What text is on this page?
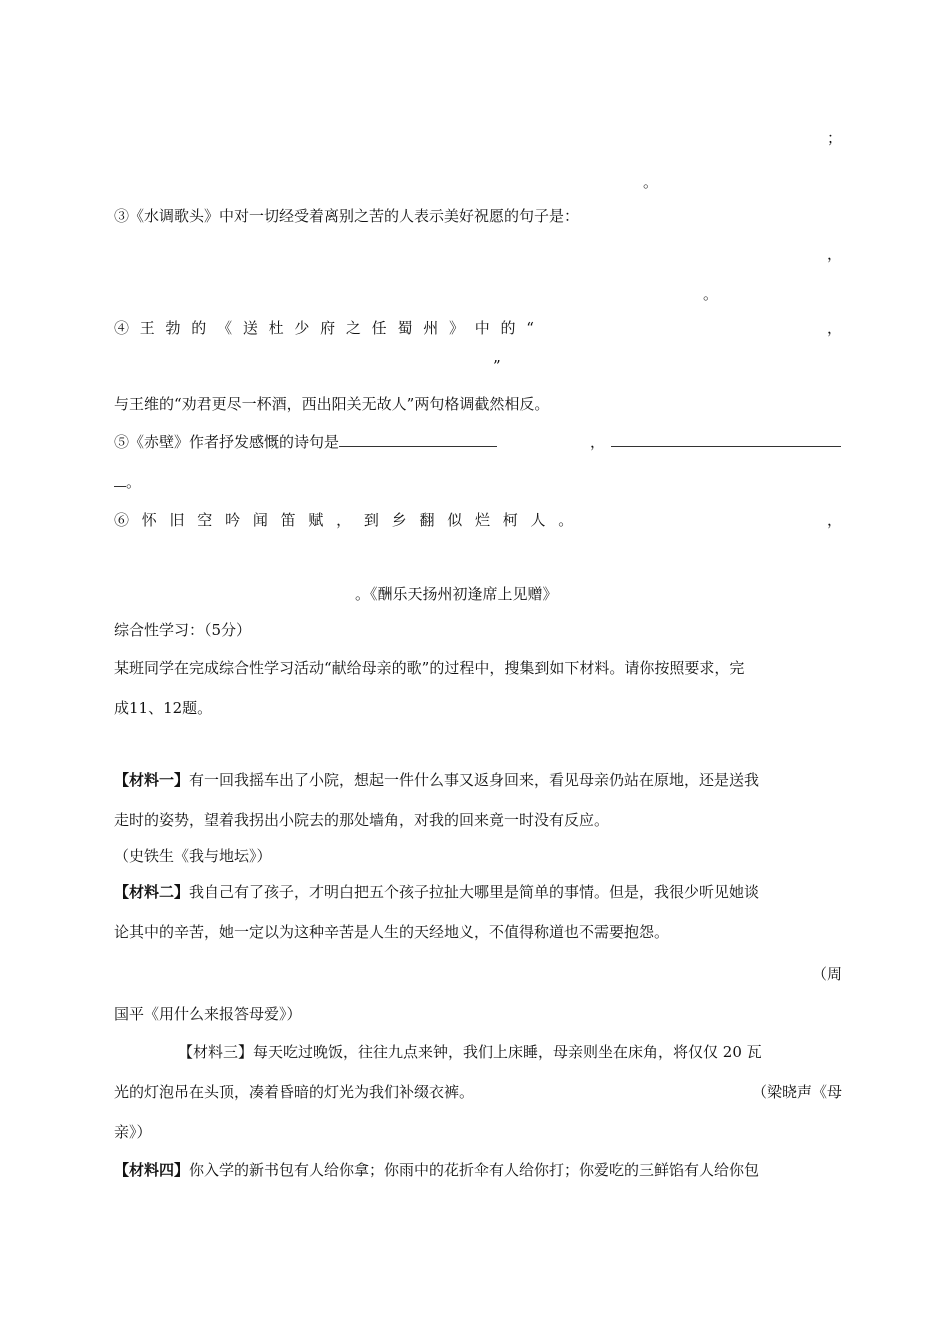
；
。
③《水调歌头》中对一切经受着离别之苦的人表示美好祝愿的句子是：
，
。
④ 王 勃 的 《 送 杜 少 府 之 任 蜀 州 》 中 的 “	，
”
与王维的“劝君更尽一杯酒，西出阳关无故人”两句格调截然相反。
⑤《赤壁》作者抒发感慨的诗句是	，
。
⑥ 怀 旧 空 吟 闻 笛 赋 ， 到 乡 翻 似 烂 柯 人 。	，
。《酬乐天扬州初逢席上见赠》
综合性学习：（5分）
某班同学在完成综合性学习活动“献给母亲的歌”的过程中，搜集到如下材料。请你按照要求，完
成11、12题。
【材料一】有一回我摇车出了小院，想起一件什么事又返身回来，看见母亲仍站在原地，还是送我
走时的姿势，望着我拐出小院去的那处墙角，对我的回来竟一时没有反应。
（史铁生《我与地坛》）
【材料二】我自己有了孩子，才明白把五个孩子拉扯大哪里是简单的事情。但是，我很少听见她谈
论其中的辛苦，她一定以为这种辛苦是人生的天经地义，不值得称道也不需要抱怨。
（周
国平《用什么来报答母爱》）
【材料三】每天吃过晚饭，往往九点来钟，我们上床睡，母亲则坐在床角，将仅仅 20 瓦
光的灯泡吊在头顶，凑着昏暗的灯光为我们补缀衣裤。	（梁晓声《母
亲》）
【材料四】你入学的新书包有人给你拿；你雨中的花折伞有人给你打；你爱吃的三鲜馅有人给你包
